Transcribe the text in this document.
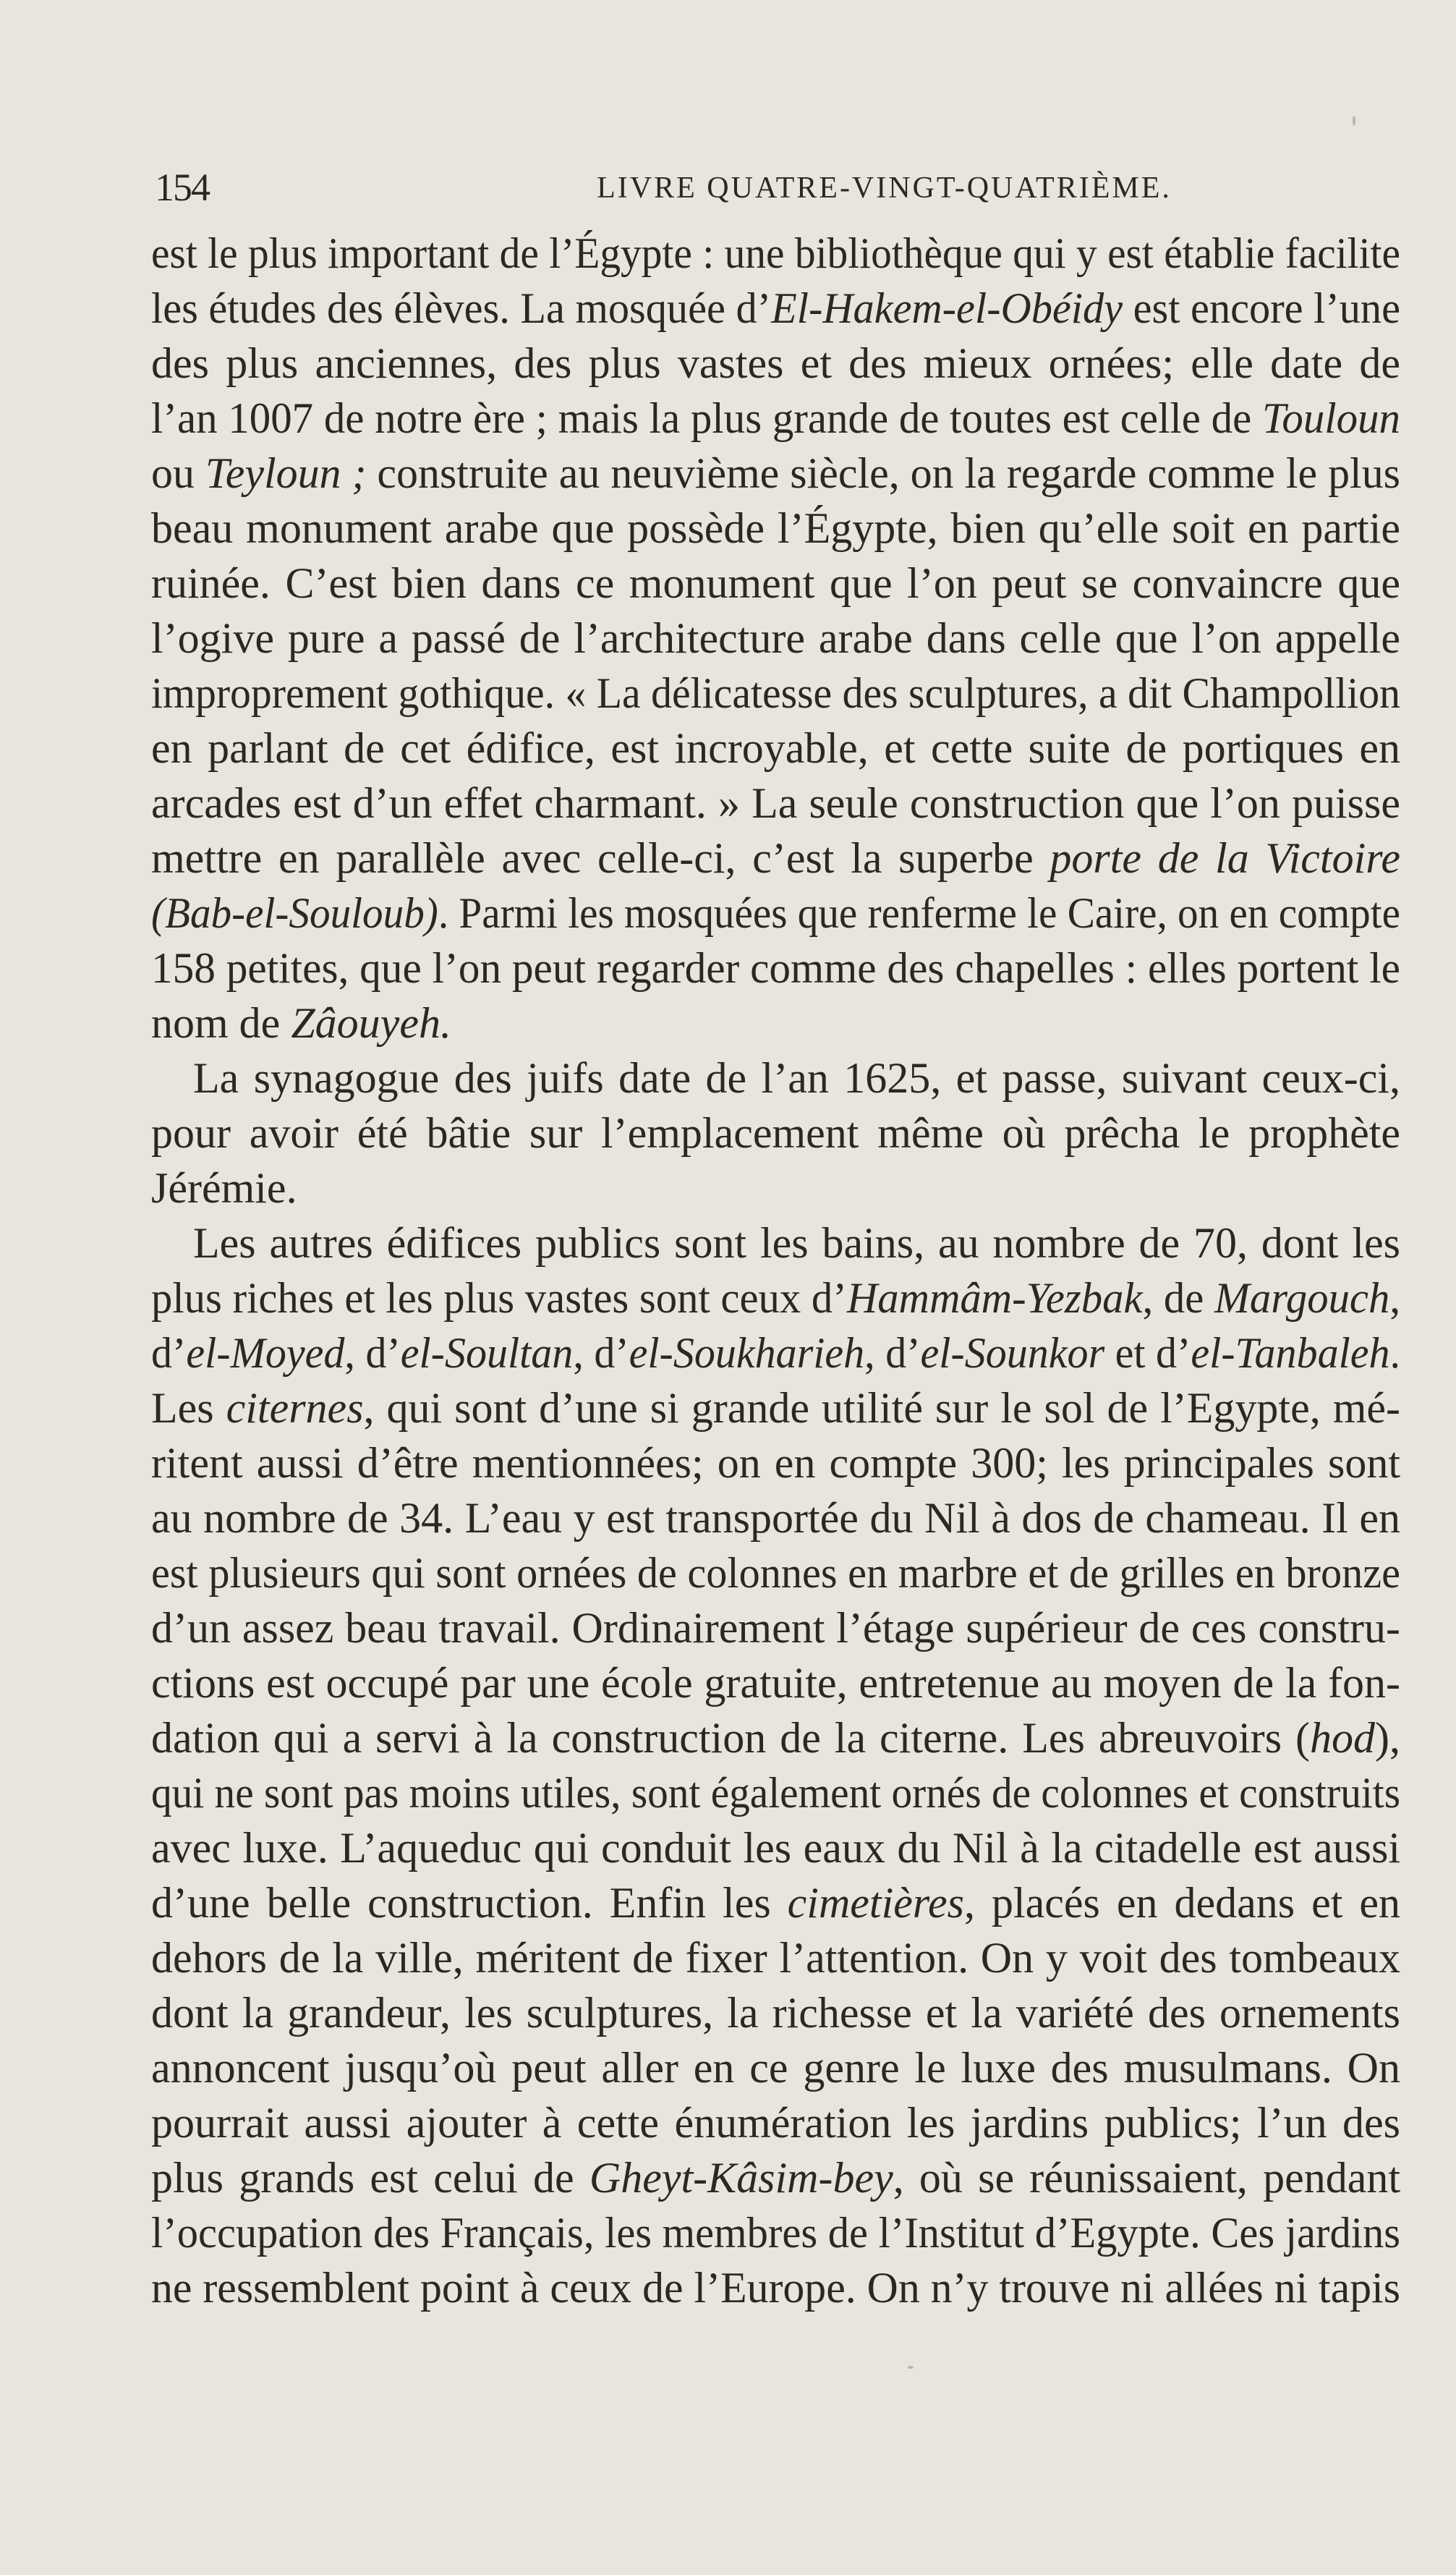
154	LIVRE QUATRE-VINGT-QUATRIÈME.
est le plus important de l’Égypte : une bibliothèque qui y est établie facilite
les études des élèves. La mosquée d’El-Hakem-el-Obéidy est encore l’une
des plus anciennes, des plus vastes et des mieux ornées; elle date de
l’an 1007 de notre ère ; mais la plus grande de toutes est celle de Touloun
ou Teyloun ; construite au neuvième siècle, on la regarde comme le plus
beau monument arabe que possède l’Égypte, bien qu’elle soit en partie
ruinée. C’est bien dans ce monument que l’on peut se convaincre que
l’ogive pure a passé de l’architecture arabe dans celle que l’on appelle
improprement gothique. « La délicatesse des sculptures, a dit Champollion
en parlant de cet édifice, est incroyable, et cette suite de portiques en
arcades est d’un effet charmant. » La seule construction que l’on puisse
mettre en parallèle avec celle-ci, c’est la superbe porte de la Victoire
(Bab-el-Souloub). Parmi les mosquées que renferme le Caire, on en compte
158 petites, que l’on peut regarder comme des chapelles : elles portent le
nom de Zâouyeh.
La synagogue des juifs date de l’an 1625, et passe, suivant ceux-ci,
pour avoir été bâtie sur l’emplacement même où prêcha le prophète
Jérémie.
Les autres édifices publics sont les bains, au nombre de 70, dont les
plus riches et les plus vastes sont ceux d’Hammâm-Yezbak, de Margouch,
d’el-Moyed, d’el-Soultan, d’el-Soukharieh, d’el-Sounkor et d’el-Tanbaleh.
Les citernes, qui sont d’une si grande utilité sur le sol de l’Egypte, mé-
ritent aussi d’être mentionnées; on en compte 300; les principales sont
au nombre de 34. L’eau y est transportée du Nil à dos de chameau. Il en
est plusieurs qui sont ornées de colonnes en marbre et de grilles en bronze
d’un assez beau travail. Ordinairement l’étage supérieur de ces constru-
ctions est occupé par une école gratuite, entretenue au moyen de la fon-
dation qui a servi à la construction de la citerne. Les abreuvoirs (hod),
qui ne sont pas moins utiles, sont également ornés de colonnes et construits
avec luxe. L’aqueduc qui conduit les eaux du Nil à la citadelle est aussi
d’une belle construction. Enfin les cimetières, placés en dedans et en
dehors de la ville, méritent de fixer l’attention. On y voit des tombeaux
dont la grandeur, les sculptures, la richesse et la variété des ornements
annoncent jusqu’où peut aller en ce genre le luxe des musulmans. On
pourrait aussi ajouter à cette énumération les jardins publics; l’un des
plus grands est celui de Gheyt-Kâsim-bey, où se réunissaient, pendant
l’occupation des Français, les membres de l’Institut d’Egypte. Ces jardins
ne ressemblent point à ceux de l’Europe. On n’y trouve ni allées ni tapis
